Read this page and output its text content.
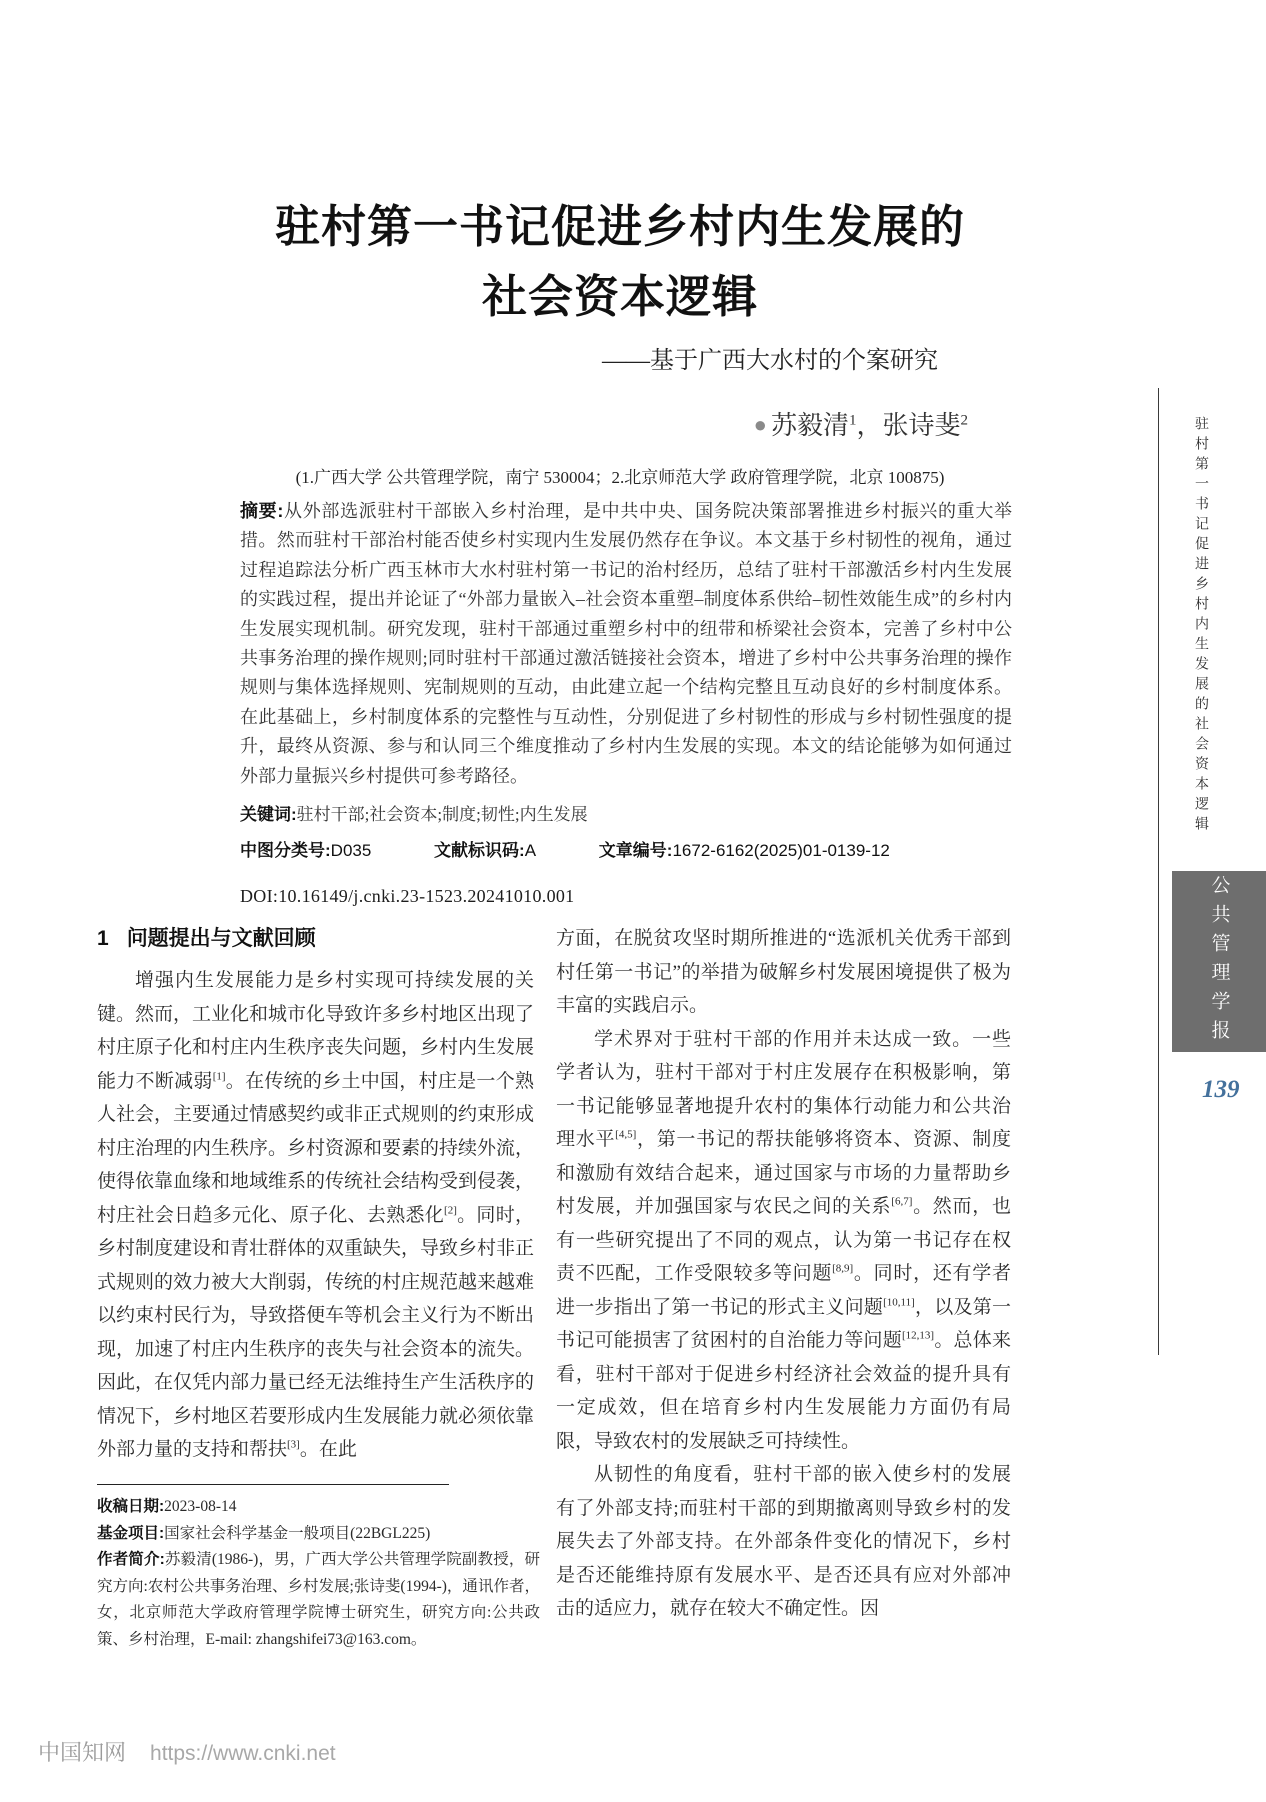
驻村第一书记促进乡村内生发展的
社会资本逻辑
——基于广西大水村的个案研究
● 苏毅清$^1$，张诗斐$^2$
(1.广西大学 公共管理学院，南宁 530004；2.北京师范大学 政府管理学院，北京 100875)

摘要:从外部选派驻村干部嵌入乡村治理，是中共中央、国务院决策部署推进乡村振兴的重大举措。然而驻村干部治村能否使乡村实现内生发展仍然存在争议。本文基于乡村韧性的视角，通过过程追踪法分析广西玉林市大水村驻村第一书记的治村经历，总结了驻村干部激活乡村内生发展的实践过程，提出并论证了“外部力量嵌入–社会资本重塑–制度体系供给–韧性效能生成”的乡村内生发展实现机制。研究发现，驻村干部通过重塑乡村中的纽带和桥梁社会资本，完善了乡村中公共事务治理的操作规则;同时驻村干部通过激活链接社会资本，增进了乡村中公共事务治理的操作规则与集体选择规则、宪制规则的互动，由此建立起一个结构完整且互动良好的乡村制度体系。在此基础上，乡村制度体系的完整性与互动性，分别促进了乡村韧性的形成与乡村韧性强度的提升，最终从资源、参与和认同三个维度推动了乡村内生发展的实现。本文的结论能够为如何通过外部力量振兴乡村提供可参考路径。

关键词:驻村干部;社会资本;制度;韧性;内生发展
中图分类号:D035	文献标识码:A	文章编号:1672-6162(2025)01-0139-12
DOI:10.16149/j.cnki.23-1523.20241010.001
1 问题提出与文献回顾

增强内生发展能力是乡村实现可持续发展的关键。然而，工业化和城市化导致许多乡村地区出现了村庄原子化和村庄内生秩序丧失问题，乡村内生发展能力不断减弱[1]。在传统的乡土中国，村庄是一个熟人社会，主要通过情感契约或非正式规则的约束形成村庄治理的内生秩序。乡村资源和要素的持续外流，使得依靠血缘和地域维系的传统社会结构受到侵袭，村庄社会日趋多元化、原子化、去熟悉化[2]。同时，乡村制度建设和青壮群体的双重缺失，导致乡村非正式规则的效力被大大削弱，传统的村庄规范越来越难以约束村民行为，导致搭便车等机会主义行为不断出现，加速了村庄内生秩序的丧失与社会资本的流失。因此，在仅凭内部力量已经无法维持生产生活秩序的情况下，乡村地区若要形成内生发展能力就必须依靠外部力量的支持和帮扶[3]。在此

方面，在脱贫攻坚时期所推进的“选派机关优秀干部到村任第一书记”的举措为破解乡村发展困境提供了极为丰富的实践启示。

学术界对于驻村干部的作用并未达成一致。一些学者认为，驻村干部对于村庄发展存在积极影响，第一书记能够显著地提升农村的集体行动能力和公共治理水平[4,5]，第一书记的帮扶能够将资本、资源、制度和激励有效结合起来，通过国家与市场的力量帮助乡村发展，并加强国家与农民之间的关系[6,7]。然而，也有一些研究提出了不同的观点，认为第一书记存在权责不匹配，工作受限较多等问题[8,9]。同时，还有学者进一步指出了第一书记的形式主义问题[10,11]，以及第一书记可能损害了贫困村的自治能力等问题[12,13]。总体来看，驻村干部对于促进乡村经济社会效益的提升具有一定成效，但在培育乡村内生发展能力方面仍有局限，导致农村的发展缺乏可持续性。

从韧性的角度看，驻村干部的嵌入使乡村的发展有了外部支持;而驻村干部的到期撤离则导致乡村的发展失去了外部支持。在外部条件变化的情况下，乡村是否还能维持原有发展水平、是否还具有应对外部冲击的适应力，就存在较大不确定性。因

收稿日期:2023-08-14

基金项目:国家社会科学基金一般项目(22BGL225)

作者简介:苏毅清(1986-)，男，广西大学公共管理学院副教授，研究方向:农村公共事务治理、乡村发展;张诗斐(1994-)，通讯作者，女，北京师范大学政府管理学院博士研究生，研究方向:公共政策、乡村治理，E-mail: zhangshifei73@163.com。

驻村第一书记促进乡村内生发展的社会资本逻辑
公共管理学报
139
中国知网 https://www.cnki.net
